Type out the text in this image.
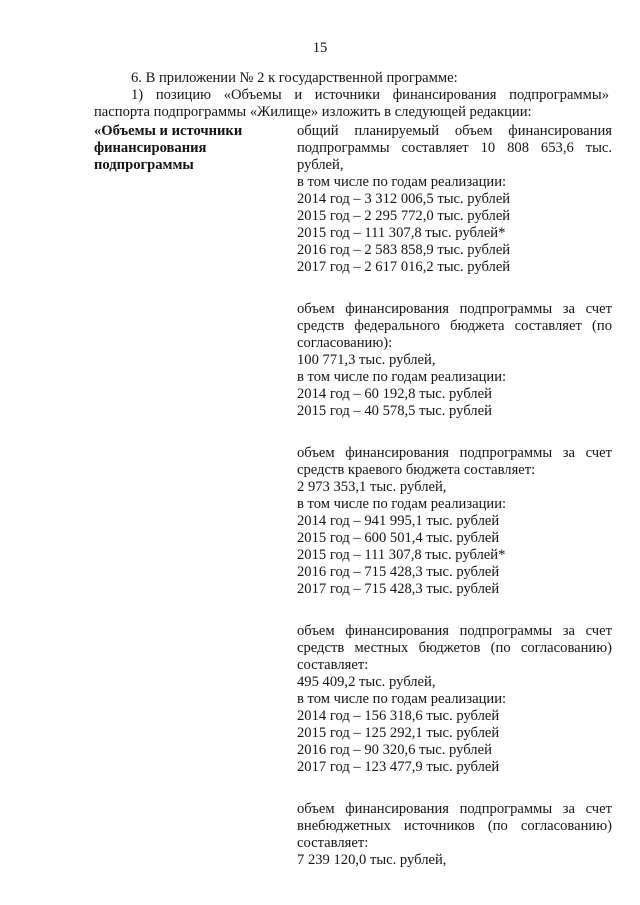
15
6. В приложении № 2 к государственной программе:
1) позицию «Объемы и источники финансирования подпрограммы»
паспорта подпрограммы «Жилище» изложить в следующей редакции:
«Объемы и источники
финансирования
подпрограммы
общий планируемый объем финансирования
подпрограммы составляет 10 808 653,6 тыс.
рублей,
в том числе по годам реализации:
2014 год – 3 312 006,5 тыс. рублей
2015 год – 2 295 772,0 тыс. рублей
2015 год – 111 307,8 тыс. рублей*
2016 год – 2 583 858,9 тыс. рублей
2017 год – 2 617 016,2 тыс. рублей
объем финансирования подпрограммы за счет
средств федерального бюджета составляет (по
согласованию):
100 771,3 тыс. рублей,
в том числе по годам реализации:
2014 год – 60 192,8 тыс. рублей
2015 год – 40 578,5 тыс. рублей
объем финансирования подпрограммы за счет
средств краевого бюджета составляет:
2 973 353,1 тыс. рублей,
в том числе по годам реализации:
2014 год – 941 995,1 тыс. рублей
2015 год – 600 501,4 тыс. рублей
2015 год – 111 307,8 тыс. рублей*
2016 год – 715 428,3 тыс. рублей
2017 год – 715 428,3 тыс. рублей
объем финансирования подпрограммы за счет
средств местных бюджетов (по согласованию)
составляет:
495 409,2 тыс. рублей,
в том числе по годам реализации:
2014 год – 156 318,6 тыс. рублей
2015 год – 125 292,1 тыс. рублей
2016 год – 90 320,6 тыс. рублей
2017 год – 123 477,9 тыс. рублей
объем финансирования подпрограммы за счет
внебюджетных источников (по согласованию)
составляет:
7 239 120,0 тыс. рублей,
